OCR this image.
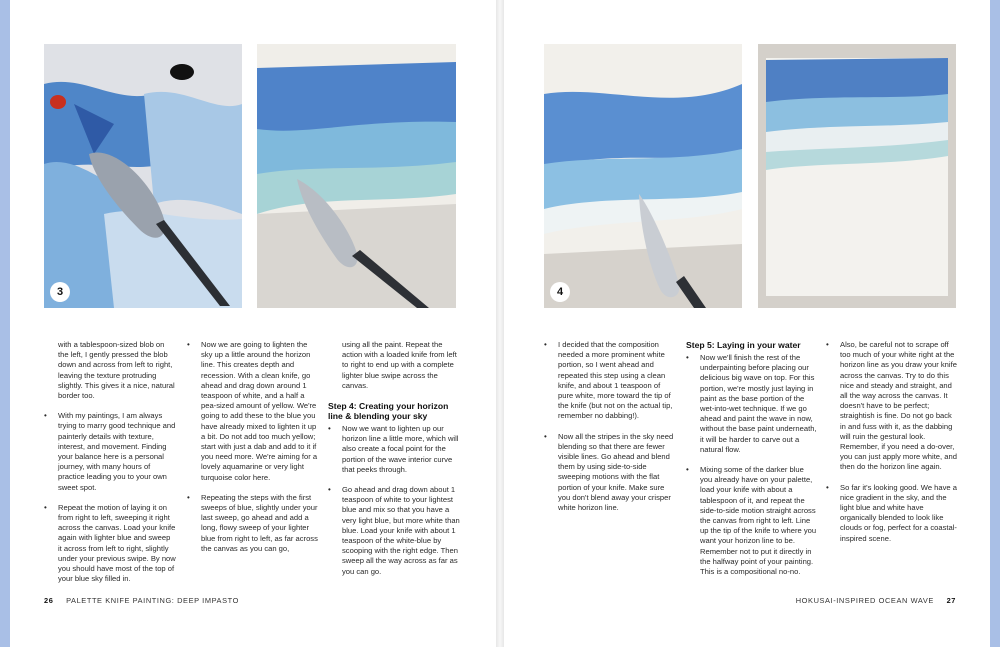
3

with a tablespoon-sized blob on the left, I gently pressed the blob down and across from left to right, leaving the texture protruding slightly. This gives it a nice, natural border too.

• With my paintings, I am always trying to marry good technique and painterly details with texture, interest, and movement. Finding your balance here is a personal journey, with many hours of practice leading you to your own sweet spot.
• Repeat the motion of laying it on from right to left, sweeping it right across the canvas. Load your knife again with lighter blue and sweep it across from left to right, slightly under your previous swipe. By now you should have most of the top of your blue sky filled in.
• Now we are going to lighten the sky up a little around the horizon line. This creates depth and recession. With a clean knife, go ahead and drag down around 1 teaspoon of white, and a half a pea-sized amount of yellow. We're going to add these to the blue you have already mixed to lighten it up a bit. Do not add too much yellow; start with just a dab and add to it if you need more. We're aiming for a lovely aquamarine or very light turquoise color here.
• Repeating the steps with the first sweeps of blue, slightly under your last sweep, go ahead and add a long, flowy sweep of your lighter blue from right to left, as far across the canvas as you can go,

using all the paint. Repeat the action with a loaded knife from left to right to end up with a complete lighter blue swipe across the canvas.

Step 4: Creating your horizon line & blending your sky
• Now we want to lighten up our horizon line a little more, which will also create a focal point for the portion of the wave interior curve that peeks through.
• Go ahead and drag down about 1 teaspoon of white to your lightest blue and mix so that you have a very light blue, but more white than blue. Load your knife with about 1 teaspoon of the white-blue by scooping with the right edge. Then sweep all the way across as far as you can go.
26 PALETTE KNIFE PAINTING: DEEP IMPASTO
4
• I decided that the composition needed a more prominent white portion, so I went ahead and repeated this step using a clean knife, and about 1 teaspoon of pure white, more toward the tip of the knife (but not on the actual tip, remember no dabbing!).
• Now all the stripes in the sky need blending so that there are fewer visible lines. Go ahead and blend them by using side-to-side sweeping motions with the flat portion of your knife. Make sure you don't blend away your crisper white horizon line.
Step 5: Laying in your water
• Now we'll finish the rest of the underpainting before placing our delicious big wave on top. For this portion, we're mostly just laying in paint as the base portion of the wet-into-wet technique. If we go ahead and paint the wave in now, without the base paint underneath, it will be harder to carve out a natural flow.
• Mixing some of the darker blue you already have on your palette, load your knife with about a tablespoon of it, and repeat the side-to-side motion straight across the canvas from right to left. Line up the tip of the knife to where you want your horizon line to be. Remember not to put it directly in the halfway point of your painting. This is a compositional no-no.
• Also, be careful not to scrape off too much of your white right at the horizon line as you draw your knife across the canvas. Try to do this nice and steady and straight, and all the way across the canvas. It doesn't have to be perfect; straightish is fine. Do not go back in and fuss with it, as the dabbing will ruin the gestural look. Remember, if you need a do-over, you can just apply more white, and then do the horizon line again.
• So far it's looking good. We have a nice gradient in the sky, and the light blue and white have organically blended to look like clouds or fog, perfect for a coastal-inspired scene.
HOKUSAI-INSPIRED OCEAN WAVE 27
